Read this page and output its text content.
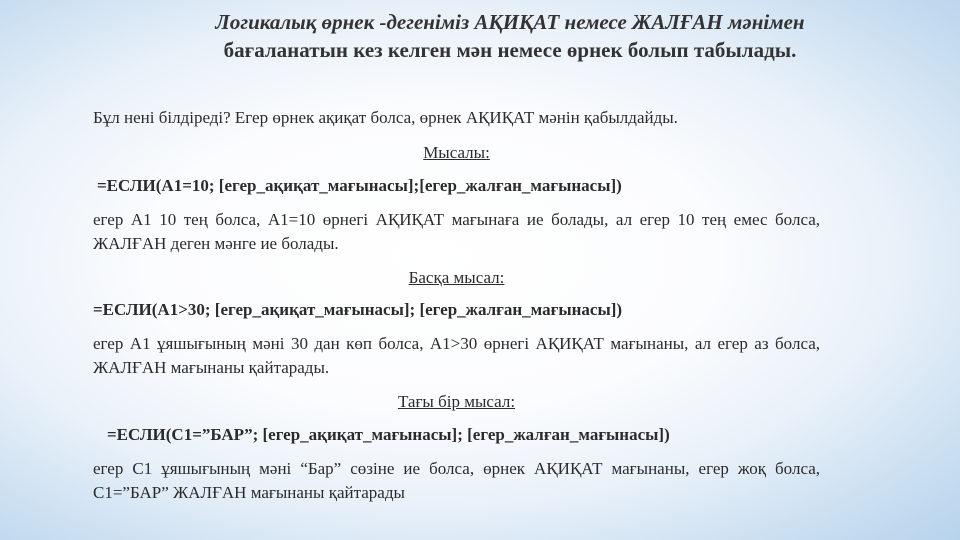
Логикалық өрнек -дегеніміз АҚИҚАТ немесе ЖАЛҒАН мәнімен
бағаланатын кез келген мән немесе өрнек болып табылады.

Бұл нені білдіреді? Егер өрнек ақиқат болса, өрнек АҚИҚАТ мәнін қабылдайды.

Мысалы:

=ЕСЛИ(А1=10; [егер_ақиқат_мағынасы];[егер_жалған_мағынасы])

егер А1 10 тең болса, А1=10 өрнегі АҚИҚАТ мағынаға ие болады, ал егер 10 тең емес болса, ЖАЛҒАН деген мәнге ие болады.

Басқа мысал:

=ЕСЛИ(А1>30; [егер_ақиқат_мағынасы]; [егер_жалған_мағынасы])

егер А1 ұяшығының мәні 30 дан көп болса, А1>30 өрнегі АҚИҚАТ мағынаны, ал егер аз болса, ЖАЛҒАН мағынаны қайтарады.

Тағы бір мысал:

=ЕСЛИ(С1=”БАР”; [егер_ақиқат_мағынасы]; [егер_жалған_мағынасы])

егер С1 ұяшығының мәні “Бар” сөзіне ие болса, өрнек АҚИҚАТ мағынаны, егер жоқ болса, С1=”БАР” ЖАЛҒАН мағынаны қайтарады
